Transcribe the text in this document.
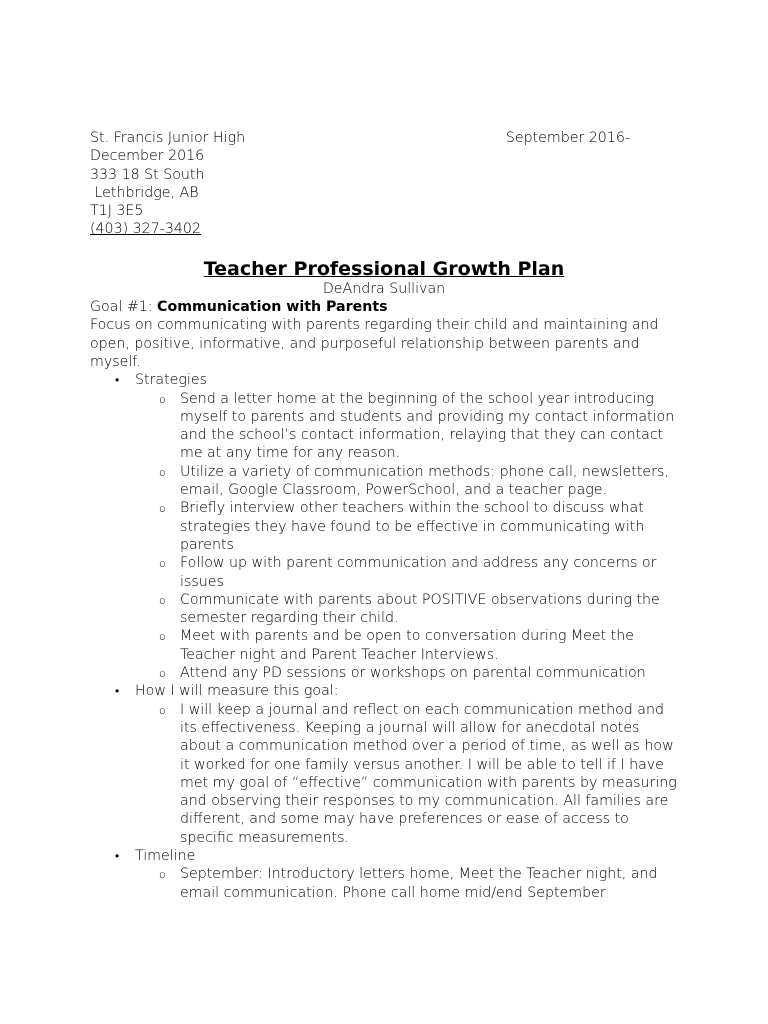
St. Francis Junior High	September 2016-
December 2016
333 18 St South
Lethbridge, AB
T1J 3E5
(403) 327-3402
Teacher Professional Growth Plan
DeAndra Sullivan
Goal #1: Communication with Parents

Focus on communicating with parents regarding their child and maintaining and open, positive, informative, and purposeful relationship between parents and myself.

• Strategies
o Send a letter home at the beginning of the school year introducing myself to parents and students and providing my contact information and the school’s contact information, relaying that they can contact me at any time for any reason.
o Utilize a variety of communication methods: phone call, newsletters, email, Google Classroom, PowerSchool, and a teacher page.
o Briefly interview other teachers within the school to discuss what strategies they have found to be effective in communicating with parents
o Follow up with parent communication and address any concerns or issues
o Communicate with parents about POSITIVE observations during the semester regarding their child.
o Meet with parents and be open to conversation during Meet the Teacher night and Parent Teacher Interviews.
o Attend any PD sessions or workshops on parental communication
• How I will measure this goal:
o I will keep a journal and reflect on each communication method and its effectiveness. Keeping a journal will allow for anecdotal notes about a communication method over a period of time, as well as how it worked for one family versus another. I will be able to tell if I have met my goal of “effective” communication with parents by measuring and observing their responses to my communication. All families are different, and some may have preferences or ease of access to specific measurements.
• Timeline
o September: Introductory letters home, Meet the Teacher night, and email communication. Phone call home mid/end September
